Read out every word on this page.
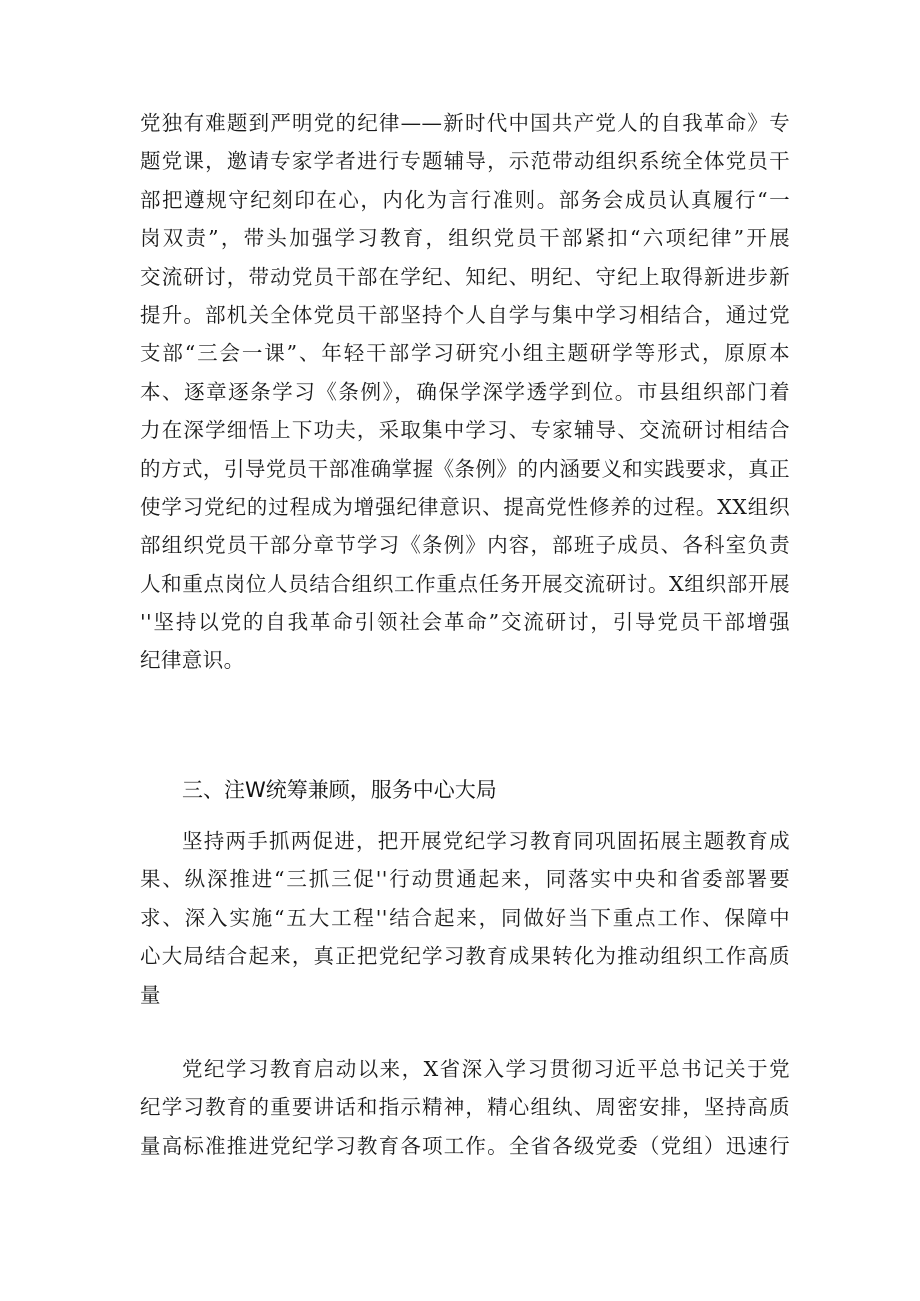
党独有难题到严明党的纪律——新时代中国共产党人的自我革命》专
题党课，邀请专家学者进行专题辅导，示范带动组织系统全体党员干
部把遵规守纪刻印在心，内化为言行准则。部务会成员认真履行“一
岗双责”，带头加强学习教育，组织党员干部紧扣“六项纪律”开展
交流研讨，带动党员干部在学纪、知纪、明纪、守纪上取得新进步新
提升。部机关全体党员干部坚持个人自学与集中学习相结合，通过党
支部“三会一课”、年轻干部学习研究小组主题研学等形式，原原本
本、逐章逐条学习《条例》，确保学深学透学到位。市县组织部门着
力在深学细悟上下功夫，采取集中学习、专家辅导、交流研讨相结合
的方式，引导党员干部准确掌握《条例》的内涵要义和实践要求，真正
使学习党纪的过程成为增强纪律意识、提高党性修养的过程。XX组织
部组织党员干部分章节学习《条例》内容，部班子成员、各科室负责
人和重点岗位人员结合组织工作重点任务开展交流研讨。X组织部开展
''坚持以党的自我革命引领社会革命”交流研讨，引导党员干部增强
纪律意识。
三、注W统筹兼顾，服务中心大局
坚持两手抓两促进，把开展党纪学习教育同巩固拓展主题教育成
果、纵深推进“三抓三促''行动贯通起来，同落实中央和省委部署要
求、深入实施“五大工程''结合起来，同做好当下重点工作、保障中
心大局结合起来，真正把党纪学习教育成果转化为推动组织工作高质
量
党纪学习教育启动以来，X省深入学习贯彻习近平总书记关于党
纪学习教育的重要讲话和指示精神，精心组纨、周密安排，坚持高质
量高标准推进党纪学习教育各项工作。全省各级党委（党组）迅速行
